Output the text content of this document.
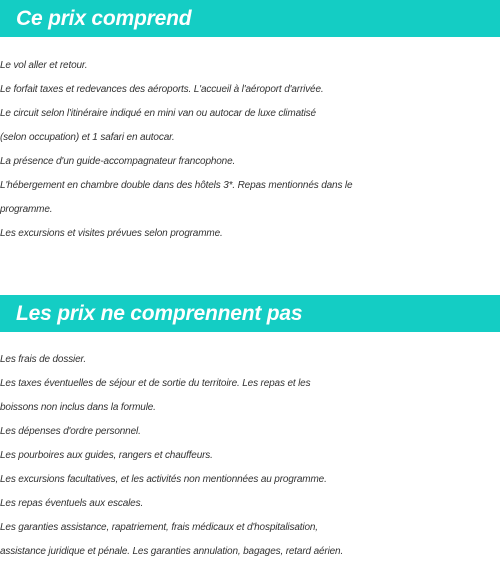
Ce prix comprend
Le vol aller et retour.
Le forfait taxes et redevances des aéroports. L'accueil à l'aéroport d'arrivée.
Le circuit selon l'itinéraire indiqué en mini van ou autocar de luxe climatisé
(selon occupation) et 1 safari en autocar.
La présence d'un guide-accompagnateur francophone.
L'hébergement en chambre double dans des hôtels 3*. Repas mentionnés dans le
programme.
Les excursions et visites prévues selon programme.
Les prix ne comprennent pas
Les frais de dossier.
Les taxes éventuelles de séjour et de sortie du territoire. Les repas et les
boissons non inclus dans la formule.
Les dépenses d'ordre personnel.
Les pourboires aux guides, rangers et chauffeurs.
Les excursions facultatives, et les activités non mentionnées au programme.
Les repas éventuels aux escales.
Les garanties assistance, rapatriement, frais médicaux et d'hospitalisation,
assistance juridique et pénale. Les garanties annulation, bagages, retard aérien.
